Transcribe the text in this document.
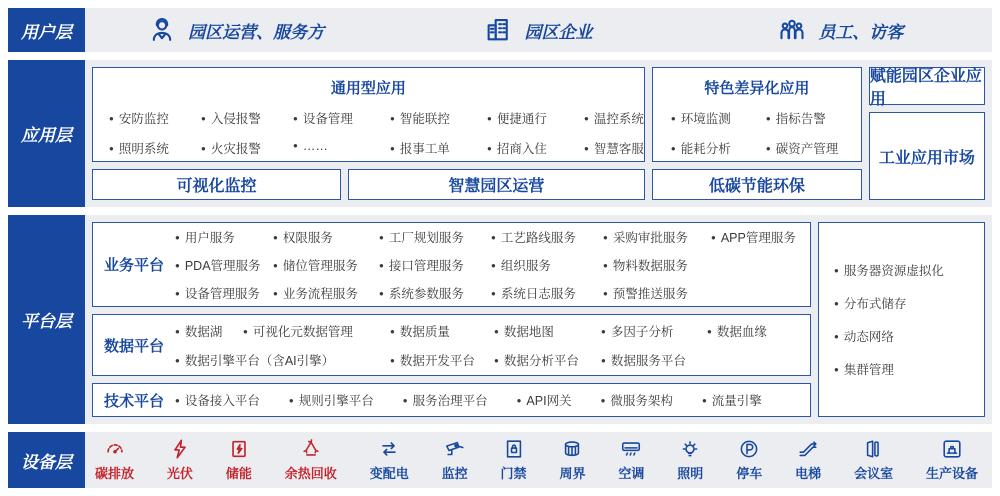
用户层	园区运营、服务方	园区企业	员工、访客
应用层
通用型应用
● 安防监控	● 入侵报警	● 设备管理	● 智能联控	● 便捷通行	● 温控系统
● 照明系统	● 火灾报警	● ……	● 报事工单	● 招商入住	● 智慧客服
可视化监控	智慧园区运营
特色差异化应用
● 环境监测	● 指标告警
● 能耗分析	● 碳资产管理
低碳节能环保
赋能园区企业应用
工业应用市场
平台层
业务平台
● 用户服务	● 权限服务	● 工厂规划服务	● 工艺路线服务	● 采购审批服务	● APP管理服务
● PDA管理服务	● 储位管理服务	● 接口管理服务	● 组织服务	● 物料数据服务
● 设备管理服务	● 业务流程服务	● 系统参数服务	● 系统日志服务	● 预警推送服务
数据平台
● 数据湖	● 可视化元数据管理	● 数据质量	● 数据地图	● 多因子分析	● 数据血缘
● 数据引擎平台（含AI引擎）	● 数据开发平台	● 数据分析平台	● 数据服务平台
技术平台	● 设备接入平台	● 规则引擎平台	● 服务治理平台	● API网关	● 微服务架构	● 流量引擎
● 服务器资源虚拟化
● 分布式储存
● 动态网络
● 集群管理
设备层
碳排放	光伏	储能	余热回收	变配电	监控	门禁	周界	空调	照明	停车	电梯	会议室	生产设备
